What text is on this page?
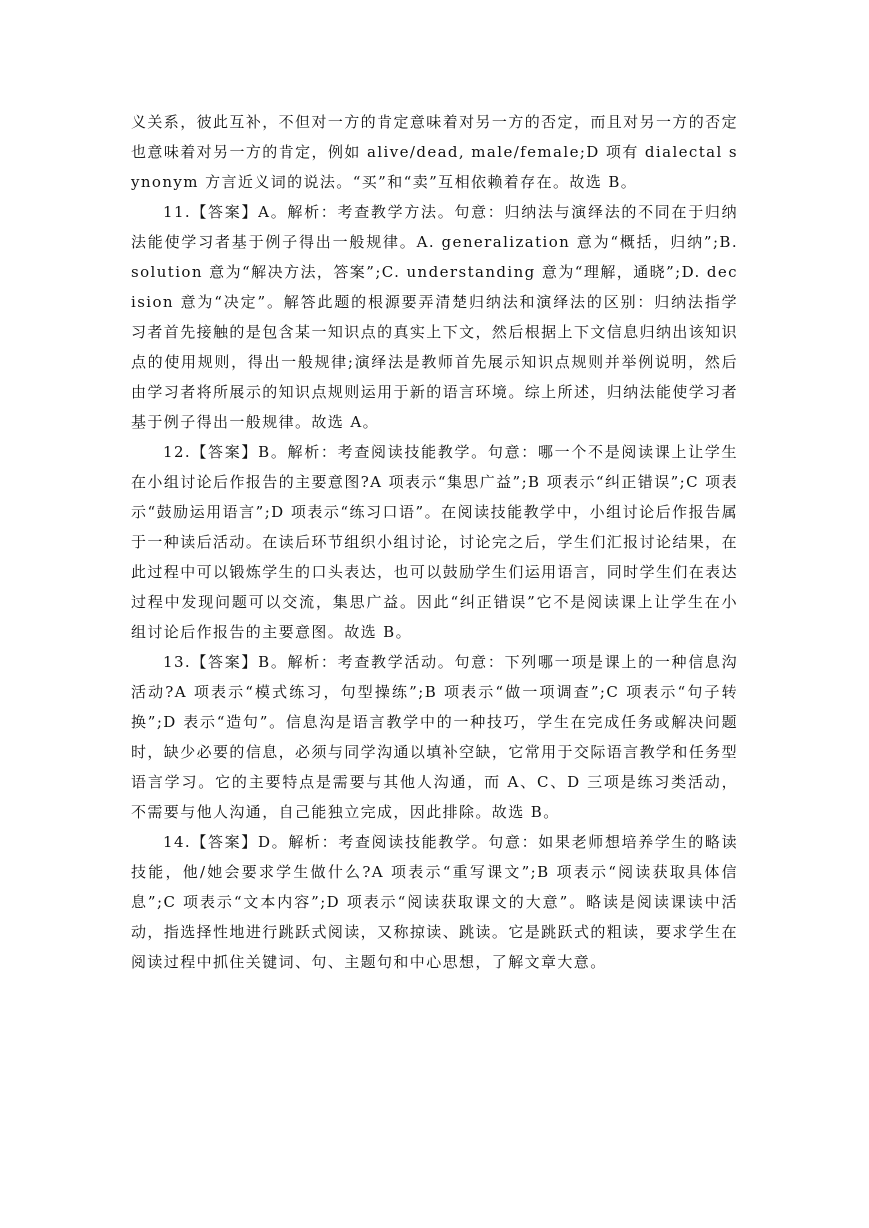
义关系，彼此互补，不但对一方的肯定意味着对另一方的否定，而且对另一方的否定也意味着对另一方的肯定，例如 alive/dead, male/female;D 项有 dialectal synonym 方言近义词的说法。“买”和“卖”互相依赖着存在。故选 B。

11.【答案】A。解析：考查教学方法。句意：归纳法与演绎法的不同在于归纳法能使学习者基于例子得出一般规律。A. generalization 意为“概括，归纳”;B. solution 意为“解决方法，答案”;C. understanding 意为“理解，通晓”;D. decision 意为“决定”。解答此题的根源要弄清楚归纳法和演绎法的区别：归纳法指学习者首先接触的是包含某一知识点的真实上下文，然后根据上下文信息归纳出该知识点的使用规则，得出一般规律;演绎法是教师首先展示知识点规则并举例说明，然后由学习者将所展示的知识点规则运用于新的语言环境。综上所述，归纳法能使学习者基于例子得出一般规律。故选 A。

12.【答案】B。解析：考查阅读技能教学。句意：哪一个不是阅读课上让学生在小组讨论后作报告的主要意图?A 项表示“集思广益”;B 项表示“纠正错误”;C 项表示“鼓励运用语言”;D 项表示“练习口语”。在阅读技能教学中，小组讨论后作报告属于一种读后活动。在读后环节组织小组讨论，讨论完之后，学生们汇报讨论结果，在此过程中可以锻炼学生的口头表达，也可以鼓励学生们运用语言，同时学生们在表达过程中发现问题可以交流，集思广益。因此“纠正错误”它不是阅读课上让学生在小组讨论后作报告的主要意图。故选 B。

13.【答案】B。解析：考查教学活动。句意：下列哪一项是课上的一种信息沟活动?A 项表示“模式练习，句型操练”;B 项表示“做一项调查”;C 项表示“句子转换”;D 表示“造句”。信息沟是语言教学中的一种技巧，学生在完成任务或解决问题时，缺少必要的信息，必须与同学沟通以填补空缺，它常用于交际语言教学和任务型语言学习。它的主要特点是需要与其他人沟通，而 A、C、D 三项是练习类活动，不需要与他人沟通，自己能独立完成，因此排除。故选 B。

14.【答案】D。解析：考查阅读技能教学。句意：如果老师想培养学生的略读技能，他/她会要求学生做什么?A 项表示“重写课文”;B 项表示“阅读获取具体信息”;C 项表示“文本内容”;D 项表示“阅读获取课文的大意”。略读是阅读课读中活动，指选择性地进行跳跃式阅读，又称掠读、跳读。它是跳跃式的粗读，要求学生在阅读过程中抓住关键词、句、主题句和中心思想，了解文章大意。
